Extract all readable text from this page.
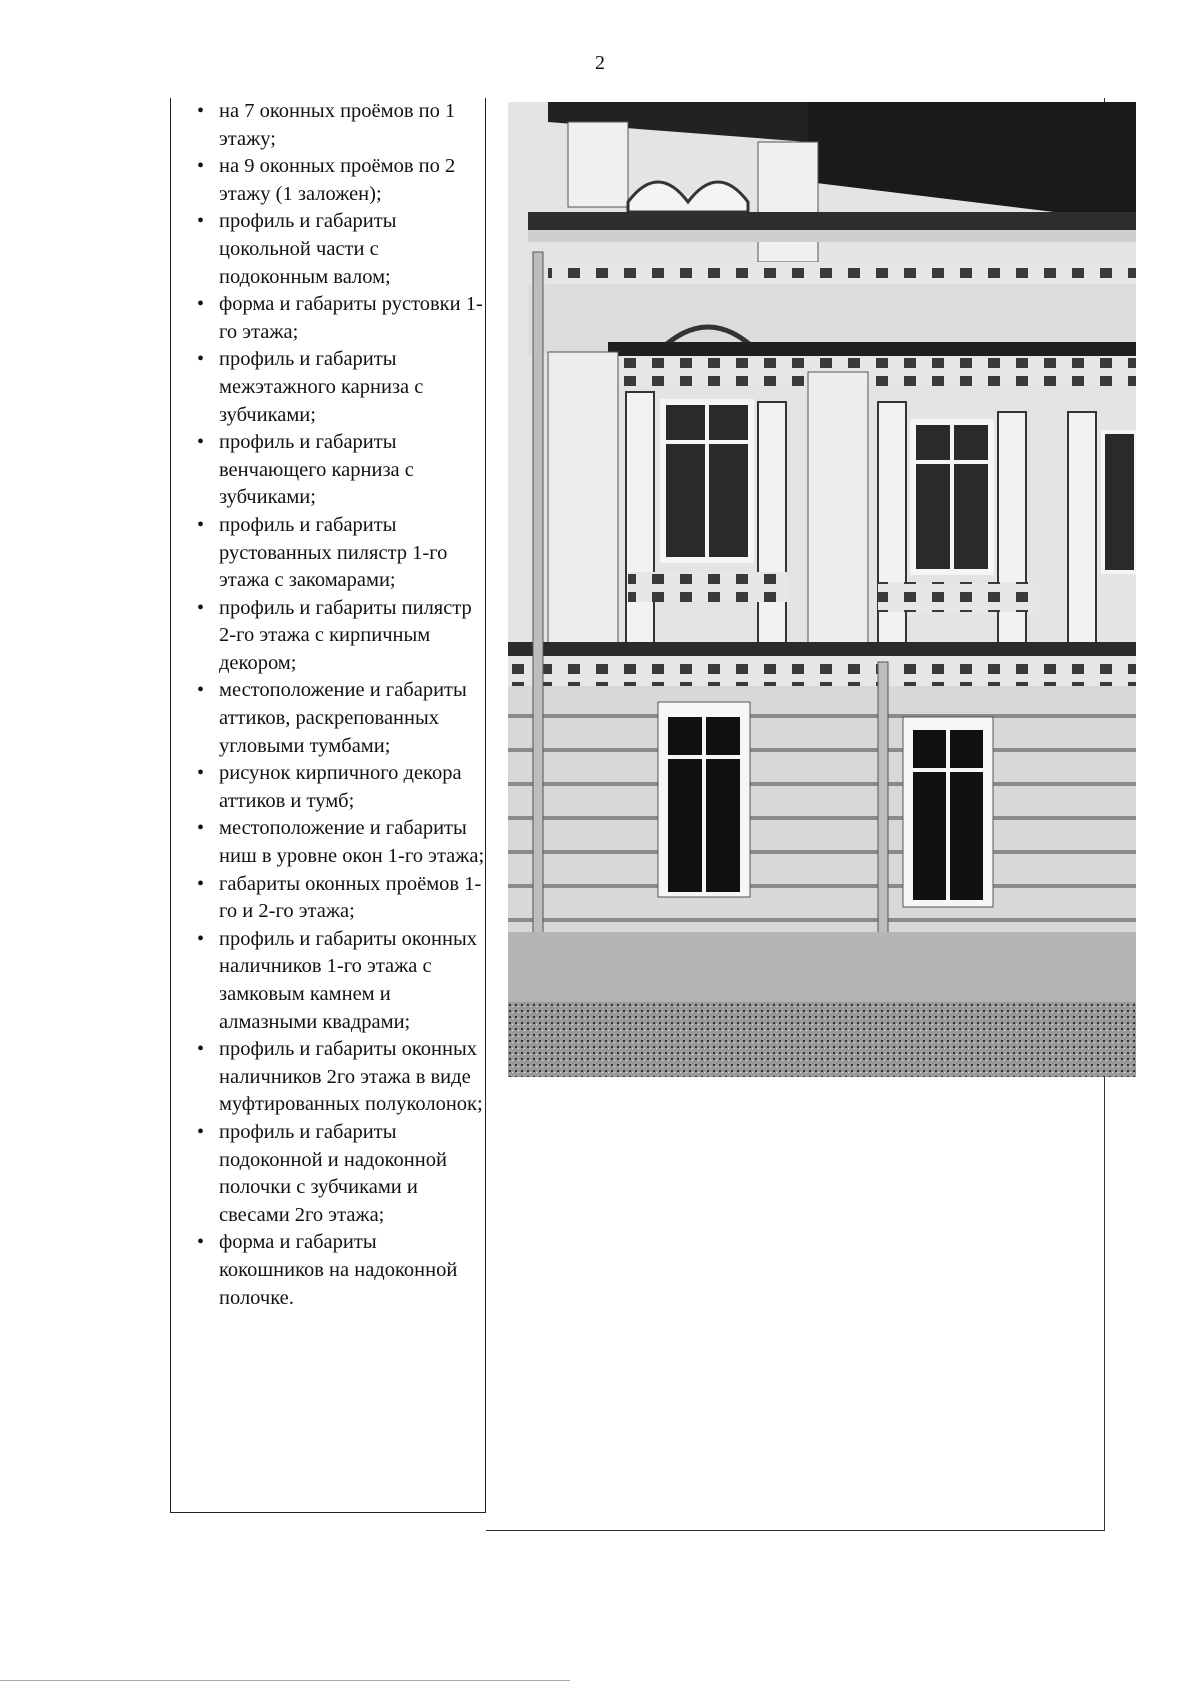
2
• на 7 оконных проёмов по 1 этажу;
• на 9 оконных проёмов по 2 этажу (1 заложен);
• профиль и габариты цокольной части с подоконным валом;
• форма и габариты рустовки 1-го этажа;
• профиль и габариты межэтажного карниза с зубчиками;
• профиль и габариты венчающего карниза с зубчиками;
• профиль и габариты рустованных пилястр 1-го этажа с закомарами;
• профиль и габариты пилястр 2-го этажа с кирпичным декором;
• местоположение и габариты аттиков, раскрепованных угловыми тумбами;
• рисунок кирпичного декора аттиков и тумб;
• местоположение и габариты ниш в уровне окон 1-го этажа;
• габариты оконных проёмов 1-го и 2-го этажа;
• профиль и габариты оконных наличников 1-го этажа с замковым камнем и алмазными квадрами;
• профиль и габариты оконных наличников 2го этажа в виде муфтированных полуколонок;
• профиль и габариты подоконной и надоконной полочки с зубчиками и свесами 2го этажа;
• форма и габариты кокошников на надоконной полочке.
